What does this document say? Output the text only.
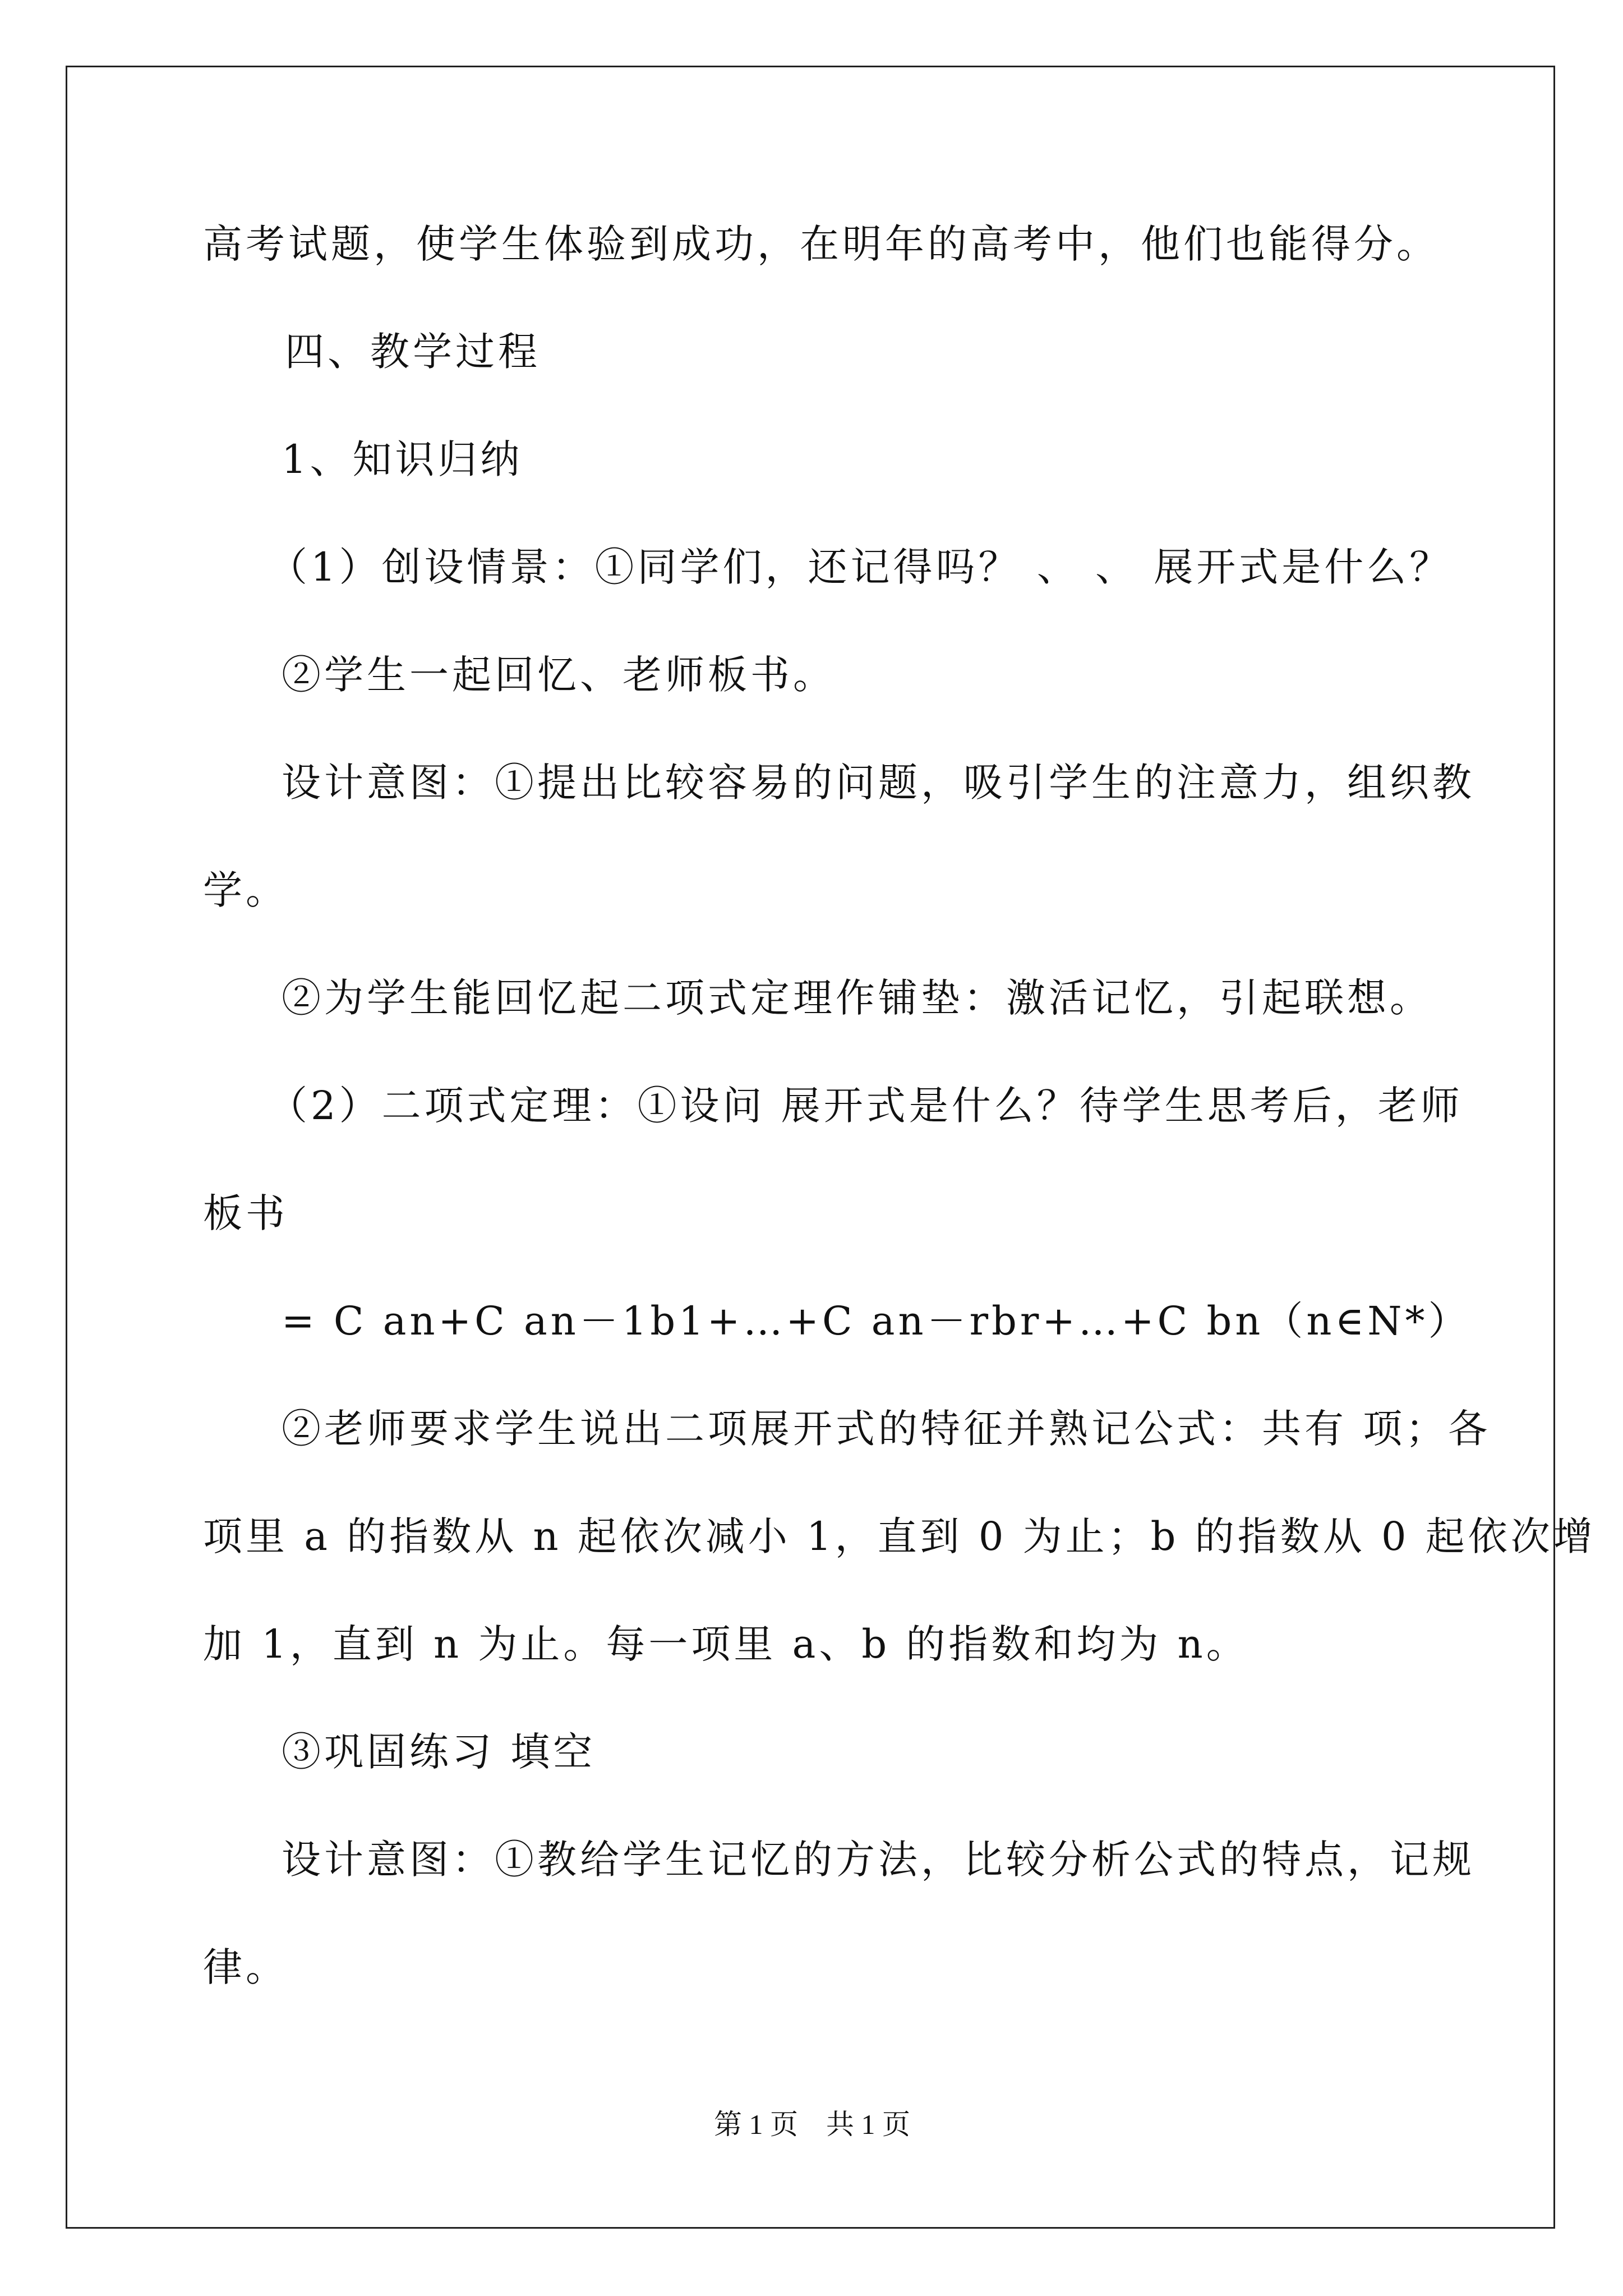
高考试题，使学生体验到成功，在明年的高考中，他们也能得分。
四、教学过程
1、知识归纳
（1）创设情景：①同学们，还记得吗？ 、 、 展开式是什么？
②学生一起回忆、老师板书。
设计意图：①提出比较容易的问题，吸引学生的注意力，组织教
学。
②为学生能回忆起二项式定理作铺垫：激活记忆，引起联想。
（2）二项式定理：①设问 展开式是什么？待学生思考后，老师
板书
= C an+C an－1b1+…+C an－rbr+…+C bn（n∈N*）
②老师要求学生说出二项展开式的特征并熟记公式：共有 项；各
项里 a 的指数从 n 起依次减小 1，直到 0 为止；b 的指数从 0 起依次增
加 1，直到 n 为止。每一项里 a、b 的指数和均为 n。
③巩固练习 填空
设计意图：①教给学生记忆的方法，比较分析公式的特点，记规
律。
第 1 页　共 1 页
